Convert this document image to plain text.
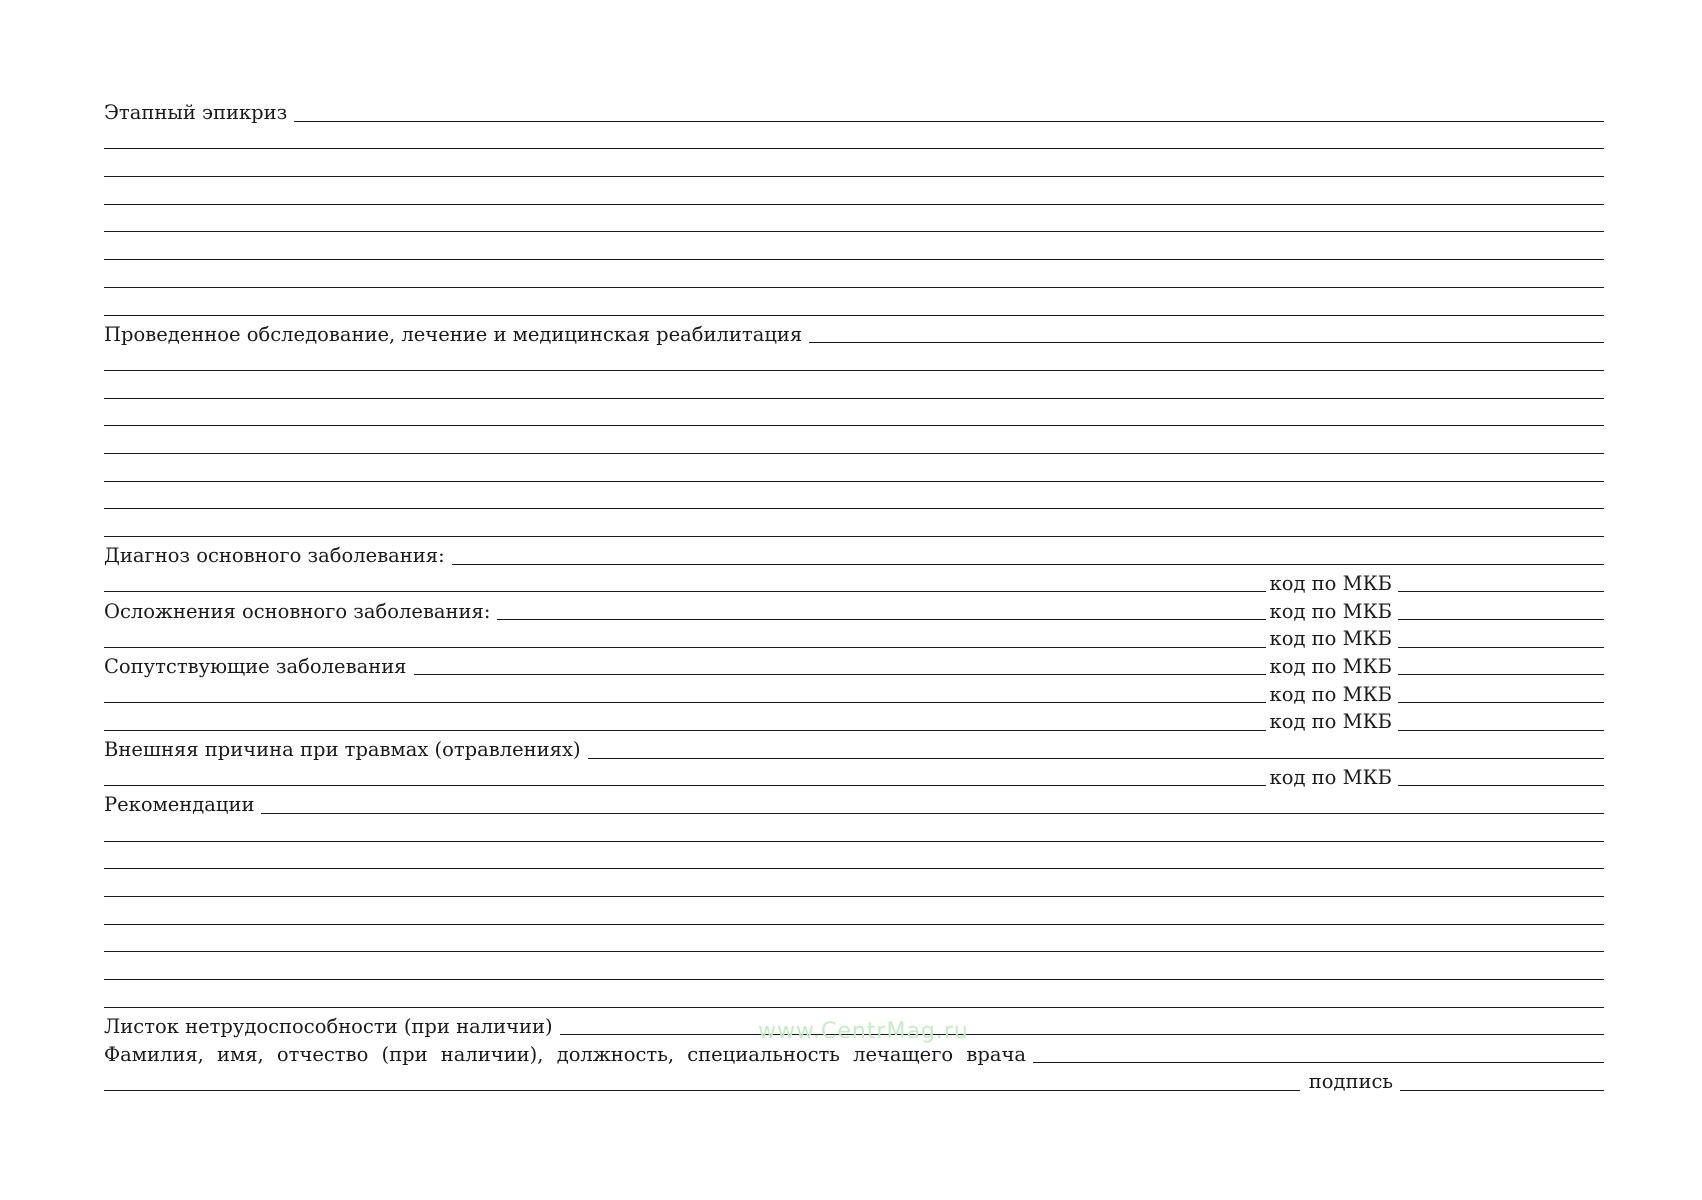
Этапный эпикриз
Проведенное обследование, лечение и медицинская реабилитация
Диагноз основного заболевания:
код по МКБ
Осложнения основного заболевания:	код по МКБ
код по МКБ
Сопутствующие заболевания	код по МКБ
код по МКБ
код по МКБ
Внешняя причина при травмах (отравлениях)
код по МКБ
Рекомендации
Листок нетрудоспособности (при наличии)
Фамилия, имя, отчество (при наличии), должность, специальность лечащего врача
подпись
www.CentrMag.ru
